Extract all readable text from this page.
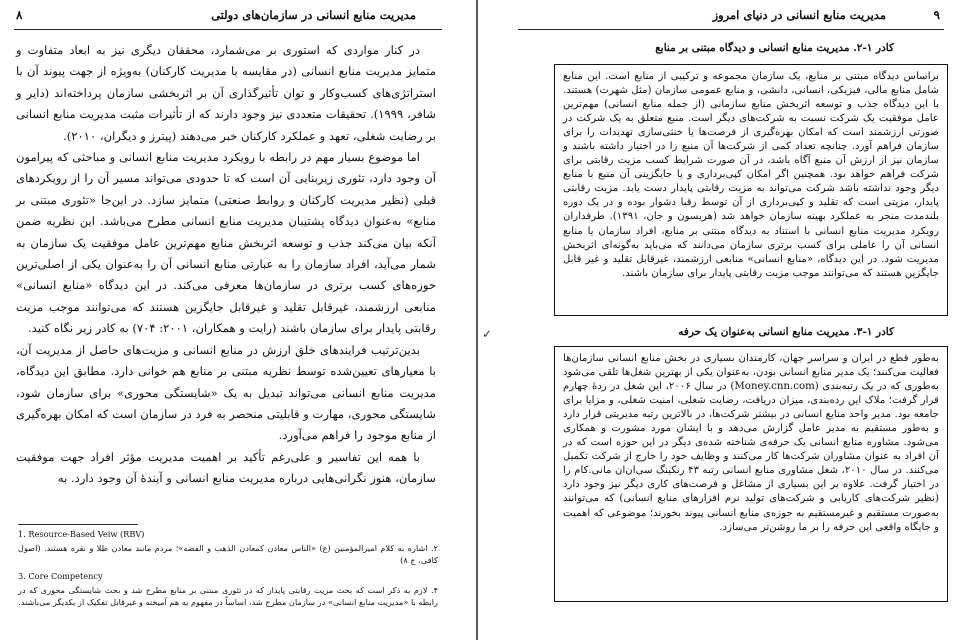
مدیریت منابع انسانی در سازمان‌های دولتی
۸

در کنار مواردی که استوری بر می‌شمارد، محققان دیگری نیز به ابعاد متفاوت و متمایز مدیریت منابع انسانی (در مقایسه با مدیریت کارکنان) به‌ویژه از جهت پیوند آن با استراتژی‌های کسب‌وکار و توان تأثیرگذاری آن بر اثربخشی سازمان پرداخته‌اند (دایر و شافر، ۱۹۹۹). تحقیقات متعددی نیز وجود دارند که از تأثیرات مثبت مدیریت منابع انسانی بر رضایت شغلی، تعهد و عملکرد کارکنان خبر می‌دهند (پیترز و دیگران، ۲۰۱۰).

اما موضوع بسیار مهم در رابطه با رویکرد مدیریت منابع انسانی و مباحثی که پیرامون آن وجود دارد، تئوری زیربنایی آن است که تا حدودی می‌تواند مسیر آن را از رویکردهای قبلی (نظیر مدیریت کارکنان و روابط صنعتی) متمایز سازد. در این‌جا «تئوری مبتنی بر منابع» به‌عنوان دیدگاه پشتیبان مدیریت منابع انسانی مطرح می‌باشد. این نظریه ضمن آنکه بیان می‌کند جذب و توسعه اثربخش منابع مهم‌ترین عامل موفقیت یک سازمان به شمار می‌آید، افراد سازمان را به عبارتی منابع انسانی آن را به‌عنوان یکی از اصلی‌ترین حوزه‌های کسب برتری در سازمان‌ها معرفی می‌کند. در این دیدگاه «منابع انسانی» منابعی ارزشمند، غیرقابل تقلید و غیرقابل جایگزین هستند که می‌توانند موجب مزیت رقابتی پایدار برای سازمان باشند (رایت و همکاران، ۲۰۰۱: ۷۰۴) به کادر زیر نگاه کنید.

بدین‌ترتیب فرایندهای خلق ارزش در منابع انسانی و مزیت‌های حاصل از مدیریت آن، با معیارهای تعیین‌شده توسط نظریه مبتنی بر منابع هم خوانی دارد. مطابق این دیدگاه، مدیریت منابع انسانی می‌تواند تبدیل به یک «شایستگی محوری» برای سازمان شود، شایستگی محوری، مهارت و قابلیتی منحصر به فرد در سازمان است که امکان بهره‌گیری از منابع موجود را فراهم می‌آورد.

با همه این تفاسیر و علی‌رغم تأکید بر اهمیت مدیریت مؤثر افراد جهت موفقیت سازمان، هنوز نگرانی‌هایی درباره مدیریت منابع انسانی و آیندهٔ آن وجود دارد. به

1. Resource-Based Veiw (RBV)
۲. اشاره به کلام امیرالمؤمنین (ع) «الناس معادن کمعادن الذهب و الفضه»؛ مردم مانند معادن طلا و نقره هستند. (اصول کافی، ج ۸)
3. Core Competency
۴. لازم به ذکر است که بحث مزیت رقابتی پایدار که در تئوری مبتنی بر منابع مطرح شد و بحث شایستگی محوری که در رابطه با «مدیریت منابع انسانی» در سازمان مطرح شد، اساساً در مفهوم به هم آمیخته و غیرقابل تفکیک از یکدیگر می‌باشند.
مدیریت منابع انسانی در دنیای امروز	۹
کادر ۱-۲. مدیریت منابع انسانی و دیدگاه مبتنی بر منابع
براساس دیدگاه مبتنی بر منابع، یک سازمان مجموعه و ترکیبی از منابع است. این منابع شامل منابع مالی، فیزیکی، انسانی، دانشی، و منابع عمومی سازمان (مثل شهرت) هستند. با این دیدگاه جذب و توسعه اثربخش منابع سازمانی (از جمله منابع انسانی) مهم‌ترین عامل موفقیت یک شرکت نسبت به شرکت‌های دیگر است. منبع متعلق به یک شرکت در صورتی ارزشمند است که امکان بهره‌گیری از فرصت‌ها یا خنثی‌سازی تهدیدات را برای سازمان فراهم آورد. چنانچه تعداد کمی از شرکت‌ها آن منبع را در اختیار داشته باشند و سازمان نیز از ارزش آن منبع آگاه باشد، در آن صورت شرایط کسب مزیت رقابتی برای شرکت فراهم خواهد بود. همچنین اگر امکان کپی‌برداری و یا جایگزینی آن منبع با منابع دیگر وجود نداشته باشد شرکت می‌تواند به مزیت رقابتی پایدار دست یابد. مزیت رقابتی پایدار، مزیتی است که تقلید و کپی‌برداری از آن توسط رقبا دشوار بوده و در یک دوره بلندمدت منجر به عملکرد بهینه سازمان خواهد شد (هریسون و جان، ۱۳۹۱). طرفداران رویکرد مدیریت منابع انسانی با استناد به دیدگاه مبتنی بر منابع، افراد سازمان یا منابع انسانی آن را عاملی برای کسب برتری سازمان می‌دانند که می‌باید به‌گونه‌ای اثربخش مدیریت شود. در این دیدگاه، «منابع انسانی» منابعی ارزشمند، غیرقابل تقلید و غیر قابل جایگزین هستند که می‌توانند موجب مزیت رقابتی پایدار برای سازمان باشند.
✓	کادر ۱-۳. مدیریت منابع انسانی به‌عنوان یک حرفه
به‌طور قطع در ایران و سراسر جهان، کارمندان بسیاری در بخش منابع انسانی سازمان‌ها فعالیت می‌کنند؛ یک مدیر منابع انسانی بودن، به‌عنوان یکی از بهترین شغل‌ها تلقی می‌شود به‌طوری که در یک رتبه‌بندی (Money.cnn.com) در سال ۲۰۰۶، این شغل در ردهٔ چهارم قرار گرفت؛ ملاک این رده‌بندی، میزان دریافت، رضایت شغلی، امنیت شغلی، و مزایا برای جامعه بود. مدیر واحد منابع انسانی در بیشتر شرکت‌ها، در بالاترین رتبه مدیریتی قرار دارد و به‌طور مستقیم به مدیر عامل گزارش می‌دهد و با ایشان مورد مشورت و همکاری می‌شود. مشاوره منابع انسانی یک حرفه‌ی شناخته شده‌ی دیگر در این حوزه است که در آن افراد به عنوان مشاوران شرکت‌ها کار می‌کنند و وظایف خود را خارج از شرکت تکمیل می‌کنند. در سال ۲۰۱۰، شغل مشاوری منابع انسانی رتبه ۴۳ رنکینگ سی‌ان‌ان مانی.کام را در اختیار گرفت. علاوه بر این بسیاری از مشاغل و فرصت‌های کاری دیگر نیز وجود دارد (نظیر شرکت‌های کاریابی و شرکت‌های تولید نرم افزارهای منابع انسانی) که می‌توانند به‌صورت مستقیم و غیرمستقیم به حوزه‌ی منابع انسانی پیوند بخورند؛ موضوعی که اهمیت و جایگاه واقعی این حرفه را بر ما روشن‌تر می‌سازد.
